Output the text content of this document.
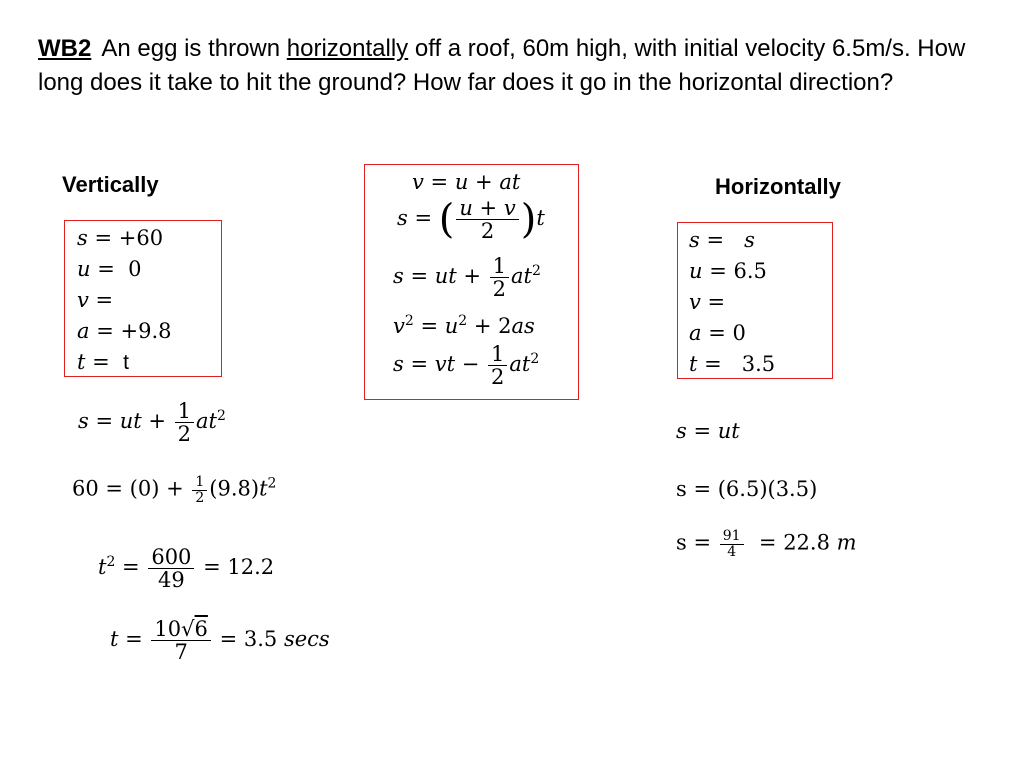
WB2 An egg is thrown horizontally off a roof, 60m high, with initial velocity 6.5m/s. How long does it take to hit the ground? How far does it go in the horizontal direction?
Vertically	Horizontally
s = +60
u =  0
v =
a = +9.8
t =  t
v = u + at
s = ( $\frac{u + v}{2} )t$
s = ut + $\frac{1}{2} at^2$
$v^2 = u^2 + 2as$
s = vt − $\frac{1}{2} at^2$
s =   s
u = 6.5
v =
a = 0
t =   3.5
s = ut + $\frac{1}{2} at^2$
$60 = (0) + \frac{1}{2} (9.8)t^2$
$t^2 = \frac{600}{49} = 12.2$
$t = \frac{10√6}{7} = 3.5$ secs
s = ut
s = (6.5)(3.5)
$s = \frac{91}{4} = 22.8$ m
